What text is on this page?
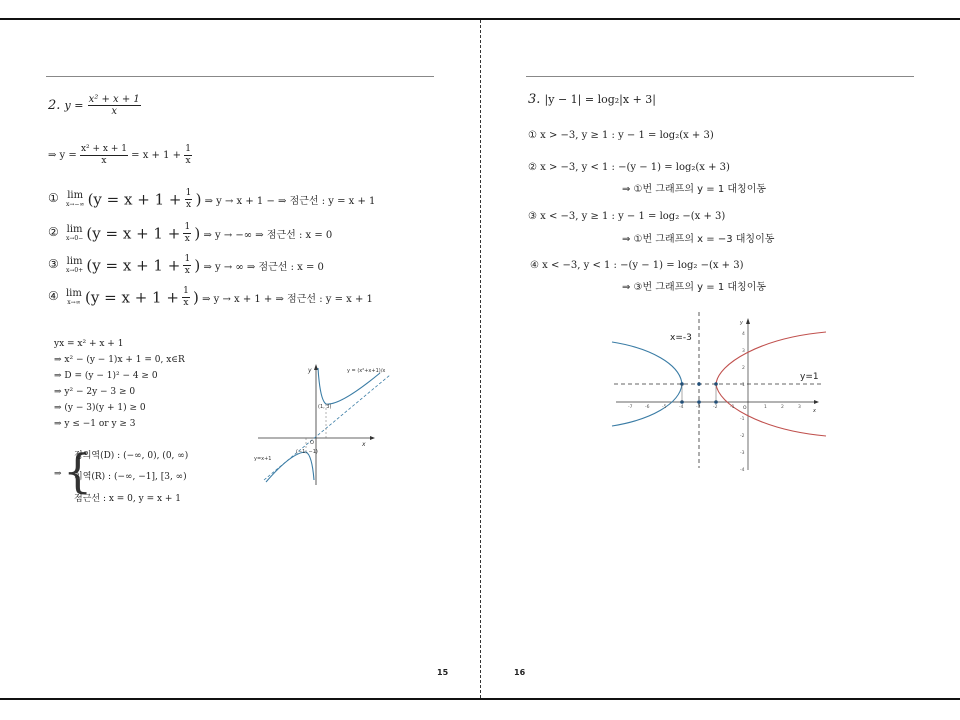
2. $y = \frac{\text{x² + x + 1}}{x}$
⇒ $y = \frac{\text{x² + x + 1}}{x} = x + 1 + \frac{1}{x}$
① lim
x→−∞ ($y = x + 1 + \frac{1}{x}$ ) ⇒ y → x + 1 − ⇒ 점근선 : y = x + 1
② lim
$x\to 0- (y = x + 1 + \frac{1}{x}$ ) ⇒ y → −∞ ⇒ 점근선 : x = 0
③ lim
$x\to 0+ (y = x + 1 + \frac{1}{x}$ ) ⇒ y → ∞ ⇒ 점근선 : x = 0
④ lim
x→∞ ($y = x + 1 + \frac{1}{x}$ ) ⇒ y → x + 1 + ⇒ 점근선 : y = x + 1
yx = x² + x + 1
⇒ x² − (y − 1)x + 1 = 0, x∈R
⇒ D = (y − 1)² − 4 ≥ 0
⇒ y² − 2y − 3 ≥ 0
⇒ (y − 3)(y + 1) ≥ 0
⇒ y ≤ −1 or y ≥ 3
⇒ {
정의역(D) : (−∞, 0), (0, ∞)
치역(R) : (−∞, −1], [3, ∞)
점근선 : x = 0, y = x + 1
y = (x²+x+1)/x
y=x+1
x
y
O
(1, 3)
(−1, −1)
15
3. |y − 1| = log₂|x + 3|
① x > −3, y ≥ 1 : y − 1 = log₂(x + 3)
② x > −3, y < 1 : −(y − 1) = log₂(x + 3)
⇒ ①번 그래프의 y = 1 대칭이동
③ x < −3, y ≥ 1 : y − 1 = log₂ −(x + 3)
⇒ ①번 그래프의 x = −3 대칭이동
④ x < −3, y < 1 : −(y − 1) = log₂ −(x + 3)
⇒ ③번 그래프의 y = 1 대칭이동
x=-3
y=1
x
y
O
-7	-6	-5	-4	-3	-2	-1	1	2	3
4
3
2
1
-1
-2
-3
-4
16
